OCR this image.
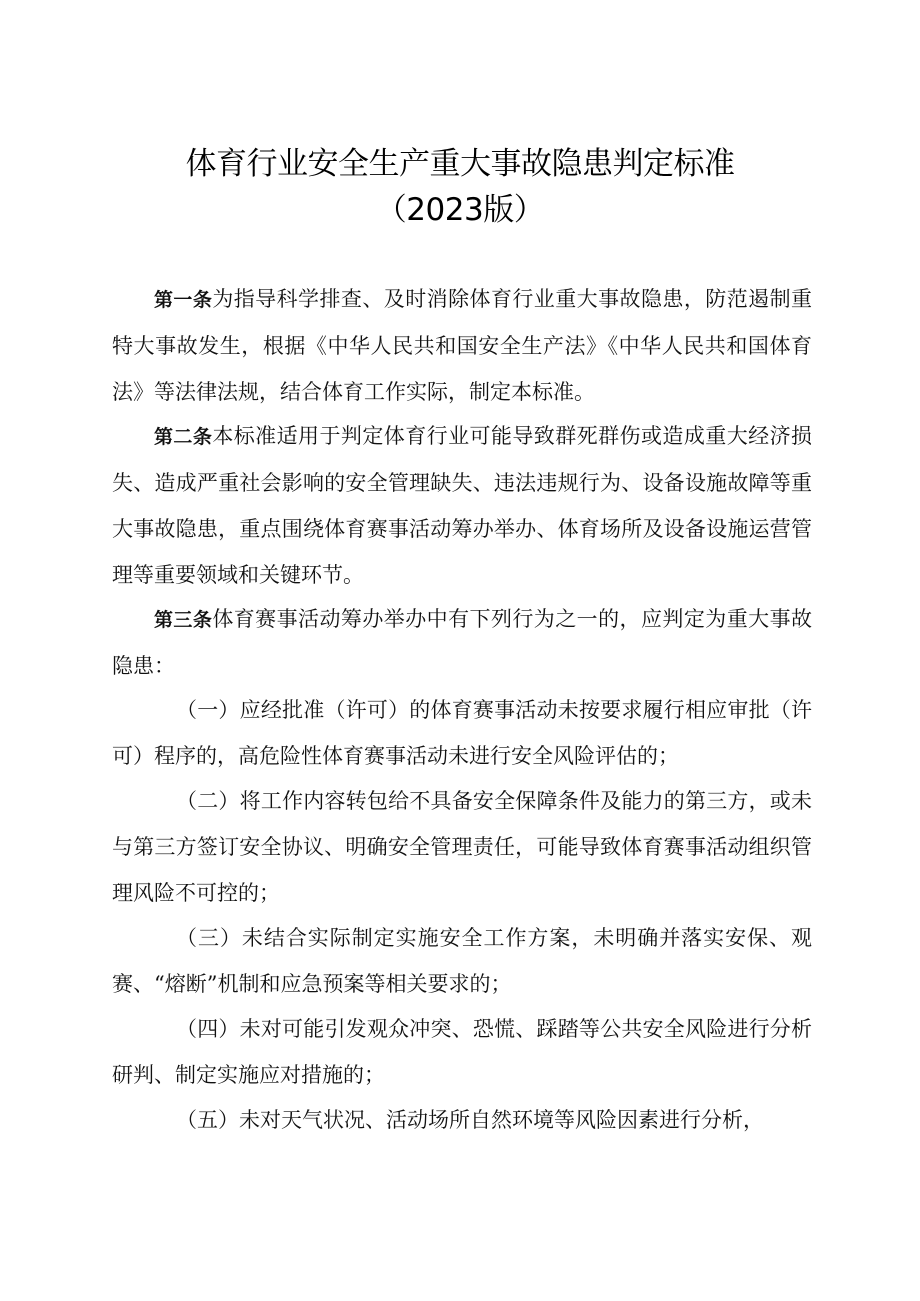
体育行业安全生产重大事故隐患判定标准
（2023版）

第一条为指导科学排查、及时消除体育行业重大事故隐患，防范遏制重特大事故发生，根据《中华人民共和国安全生产法》《中华人民共和国体育法》等法律法规，结合体育工作实际，制定本标准。

第二条本标准适用于判定体育行业可能导致群死群伤或造成重大经济损失、造成严重社会影响的安全管理缺失、违法违规行为、设备设施故障等重大事故隐患，重点围绕体育赛事活动筹办举办、体育场所及设备设施运营管理等重要领域和关键环节。

第三条体育赛事活动筹办举办中有下列行为之一的，应判定为重大事故隐患：

（一）应经批准（许可）的体育赛事活动未按要求履行相应审批（许可）程序的，高危险性体育赛事活动未进行安全风险评估的；

（二）将工作内容转包给不具备安全保障条件及能力的第三方，或未与第三方签订安全协议、明确安全管理责任，可能导致体育赛事活动组织管理风险不可控的；

（三）未结合实际制定实施安全工作方案，未明确并落实安保、观赛、“熔断”机制和应急预案等相关要求的；

（四）未对可能引发观众冲突、恐慌、踩踏等公共安全风险进行分析研判、制定实施应对措施的；

（五）未对天气状况、活动场所自然环境等风险因素进行分析，
